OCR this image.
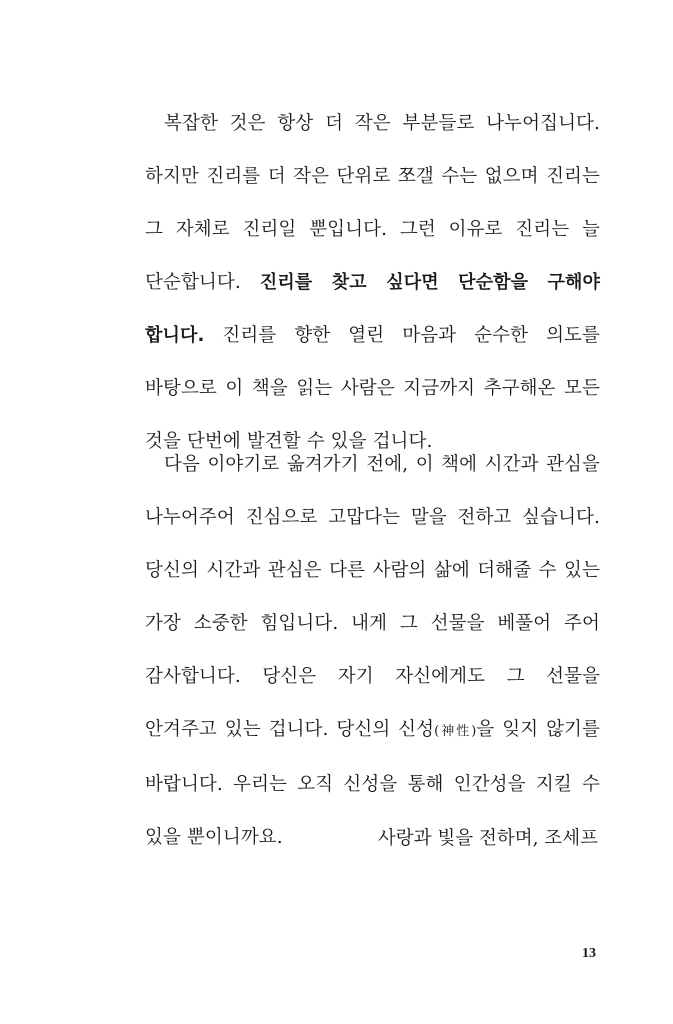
복잡한 것은 항상 더 작은 부분들로 나누어집니다. 하지만 진리를 더 작은 단위로 쪼갤 수는 없으며 진리는 그 자체로 진리일 뿐입니다. 그런 이유로 진리는 늘 단순합니다. 진리를 찾고 싶다면 단순함을 구해야 합니다. 진리를 향한 열린 마음과 순수한 의도를 바탕으로 이 책을 읽는 사람은 지금까지 추구해온 모든 것을 단번에 발견할 수 있을 겁니다.

다음 이야기로 옮겨가기 전에, 이 책에 시간과 관심을 나누어주어 진심으로 고맙다는 말을 전하고 싶습니다. 당신의 시간과 관심은 다른 사람의 삶에 더해줄 수 있는 가장 소중한 힘입니다. 내게 그 선물을 베풀어 주어 감사합니다. 당신은 자기 자신에게도 그 선물을 안겨주고 있는 겁니다. 당신의 신성(神性)을 잊지 않기를 바랍니다. 우리는 오직 신성을 통해 인간성을 지킬 수 있을 뿐이니까요.	사랑과 빛을 전하며, 조세프
13
